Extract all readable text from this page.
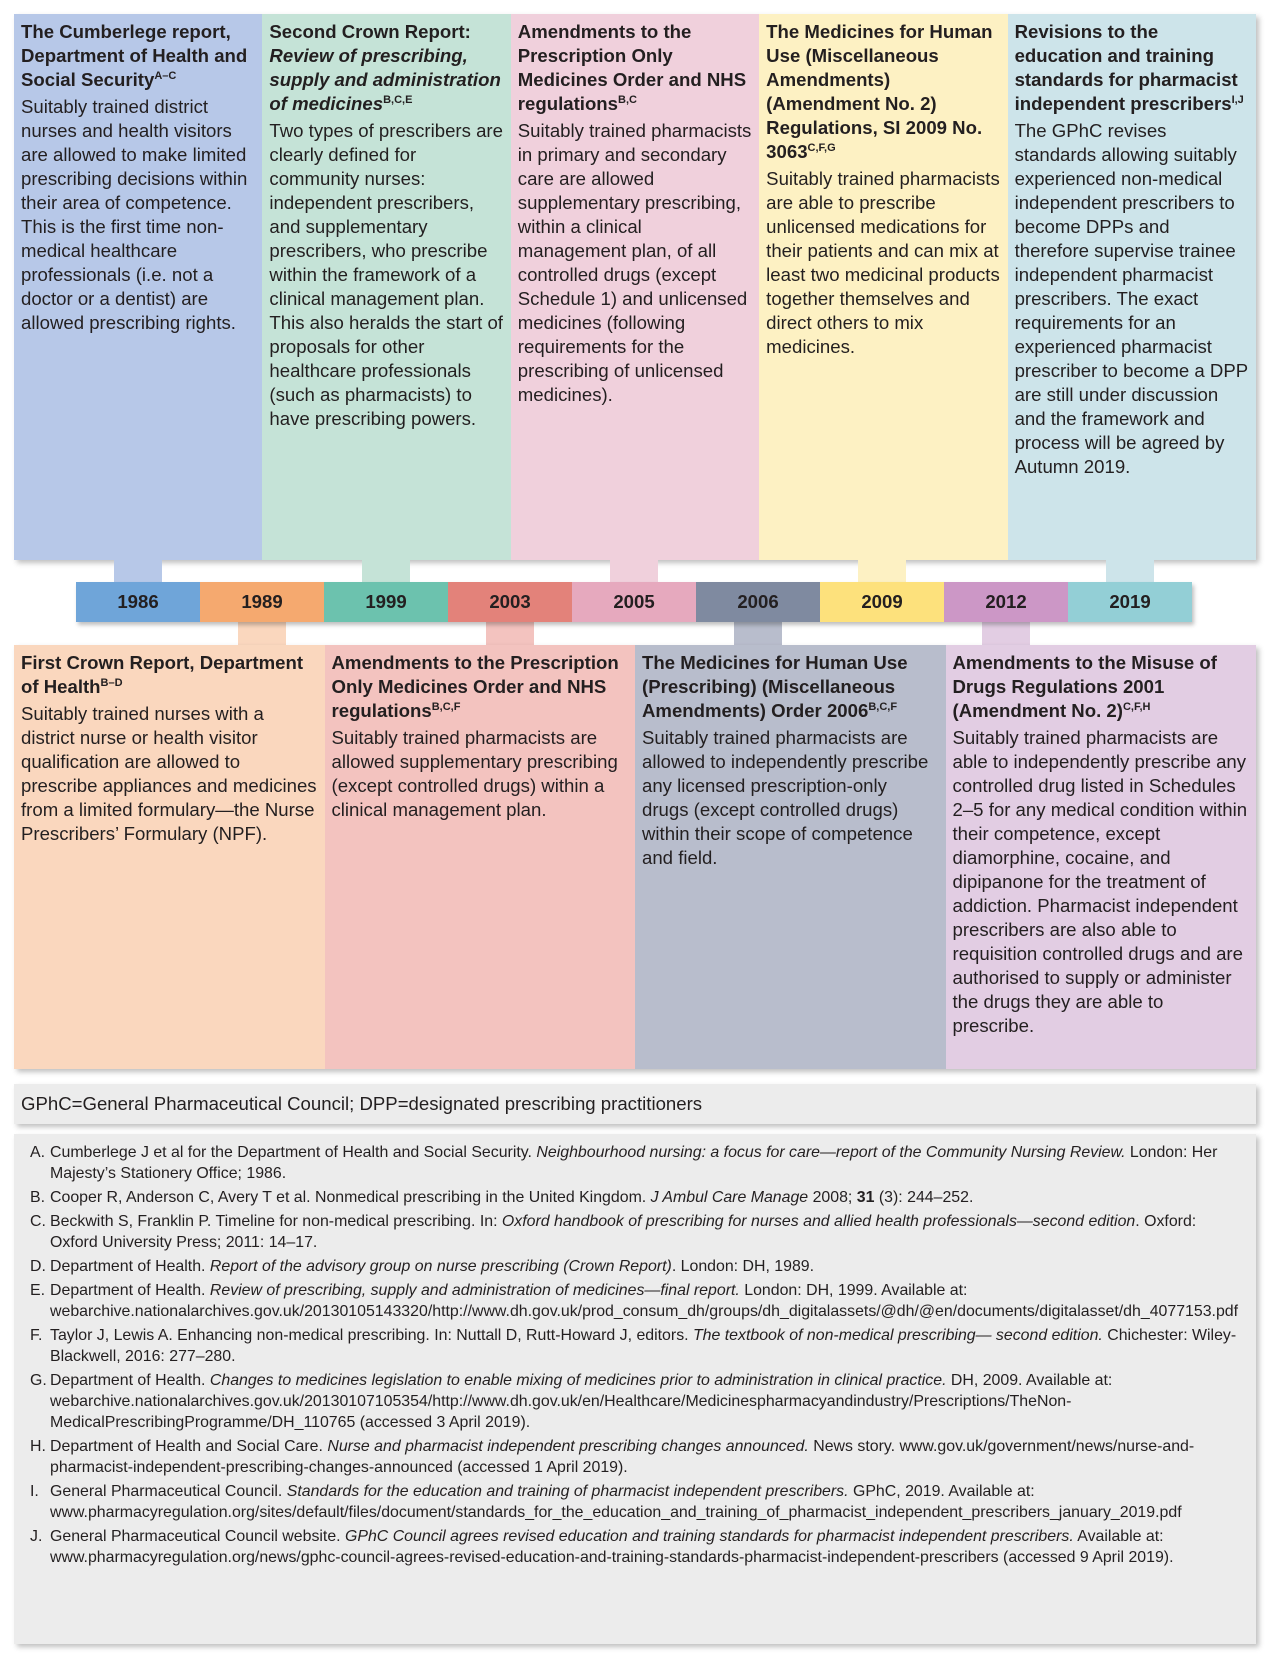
The Cumberlege report, Department of Health and Social Security$^{A-C}$
Suitably trained district nurses and health visitors are allowed to make limited prescribing decisions within their area of competence. This is the first time non-medical healthcare professionals (i.e. not a doctor or a dentist) are allowed prescribing rights.
Second Crown Report: Review of prescribing, supply and administration of medicines$^{B,C,E}$
Two types of prescribers are clearly defined for community nurses: independent prescribers, and supplementary prescribers, who prescribe within the framework of a clinical management plan. This also heralds the start of proposals for other healthcare professionals (such as pharmacists) to have prescribing powers.
Amendments to the Prescription Only Medicines Order and NHS regulations$^{B,C}$
Suitably trained pharmacists in primary and secondary care are allowed supplementary prescribing, within a clinical management plan, of all controlled drugs (except Schedule 1) and unlicensed medicines (following requirements for the prescribing of unlicensed medicines).
The Medicines for Human Use (Miscellaneous Amendments) (Amendment No. 2) Regulations, SI 2009 No. $3063^{C,F,G}$
Suitably trained pharmacists are able to prescribe unlicensed medications for their patients and can mix at least two medicinal products together themselves and direct others to mix medicines.
Revisions to the education and training standards for pharmacist independent prescribers$^{I,J}$
The GPhC revises standards allowing suitably experienced non-medical independent prescribers to become DPPs and therefore supervise trainee independent pharmacist prescribers. The exact requirements for an experienced pharmacist prescriber to become a DPP are still under discussion and the framework and process will be agreed by Autumn 2019.
1986	1989	1999	2003	2005	2006	2009	2012	2019
First Crown Report, Department of Health$^{B-D}$
Suitably trained nurses with a district nurse or health visitor qualification are allowed to prescribe appliances and medicines from a limited formulary—the Nurse Prescribers’ Formulary (NPF).
Amendments to the Prescription Only Medicines Order and NHS regulations$^{B,C,F}$
Suitably trained pharmacists are allowed supplementary prescribing (except controlled drugs) within a clinical management plan.
The Medicines for Human Use (Prescribing) (Miscellaneous Amendments) Order $2006^{B,C,F}$
Suitably trained pharmacists are allowed to independently prescribe any licensed prescription-only drugs (except controlled drugs) within their scope of competence and field.
Amendments to the Misuse of Drugs Regulations 2001 (Amendment No. 2)$^{C,F,H}$
Suitably trained pharmacists are able to independently prescribe any controlled drug listed in Schedules 2–5 for any medical condition within their competence, except diamorphine, cocaine, and dipipanone for the treatment of addiction. Pharmacist independent prescribers are also able to requisition controlled drugs and are authorised to supply or administer the drugs they are able to prescribe.
GPhC=General Pharmaceutical Council; DPP=designated prescribing practitioners
A. Cumberlege J et al for the Department of Health and Social Security. Neighbourhood nursing: a focus for care—report of the Community Nursing Review. London: Her Majesty’s Stationery Office; 1986.
B. Cooper R, Anderson C, Avery T et al. Nonmedical prescribing in the United Kingdom. J Ambul Care Manage 2008; 31 (3): 244–252.
C. Beckwith S, Franklin P. Timeline for non-medical prescribing. In: Oxford handbook of prescribing for nurses and allied health professionals—second edition. Oxford: Oxford University Press; 2011: 14–17.
D. Department of Health. Report of the advisory group on nurse prescribing (Crown Report). London: DH, 1989.
E. Department of Health. Review of prescribing, supply and administration of medicines—final report. London: DH, 1999. Available at: webarchive.nationalarchives.gov.uk/20130105143320/http://www.dh.gov.uk/prod_consum_dh/groups/dh_digitalassets/@dh/@en/documents/digitalasset/dh_4077153.pdf
F. Taylor J, Lewis A. Enhancing non-medical prescribing. In: Nuttall D, Rutt-Howard J, editors. The textbook of non-medical prescribing— second edition. Chichester: Wiley-Blackwell, 2016: 277–280.
G. Department of Health. Changes to medicines legislation to enable mixing of medicines prior to administration in clinical practice. DH, 2009. Available at: webarchive.nationalarchives.gov.uk/20130107105354/http://www.dh.gov.uk/en/Healthcare/Medicinespharmacyandindustry/Prescriptions/TheNon-MedicalPrescribingProgramme/DH_110765 (accessed 3 April 2019).
H. Department of Health and Social Care. Nurse and pharmacist independent prescribing changes announced. News story. www.gov.uk/government/news/nurse-and-pharmacist-independent-prescribing-changes-announced (accessed 1 April 2019).
I. General Pharmaceutical Council. Standards for the education and training of pharmacist independent prescribers. GPhC, 2019. Available at: www.pharmacyregulation.org/sites/default/files/document/standards_for_the_education_and_training_of_pharmacist_independent_prescribers_january_2019.pdf
J. General Pharmaceutical Council website. GPhC Council agrees revised education and training standards for pharmacist independent prescribers. Available at: www.pharmacyregulation.org/news/gphc-council-agrees-revised-education-and-training-standards-pharmacist-independent-prescribers (accessed 9 April 2019).
